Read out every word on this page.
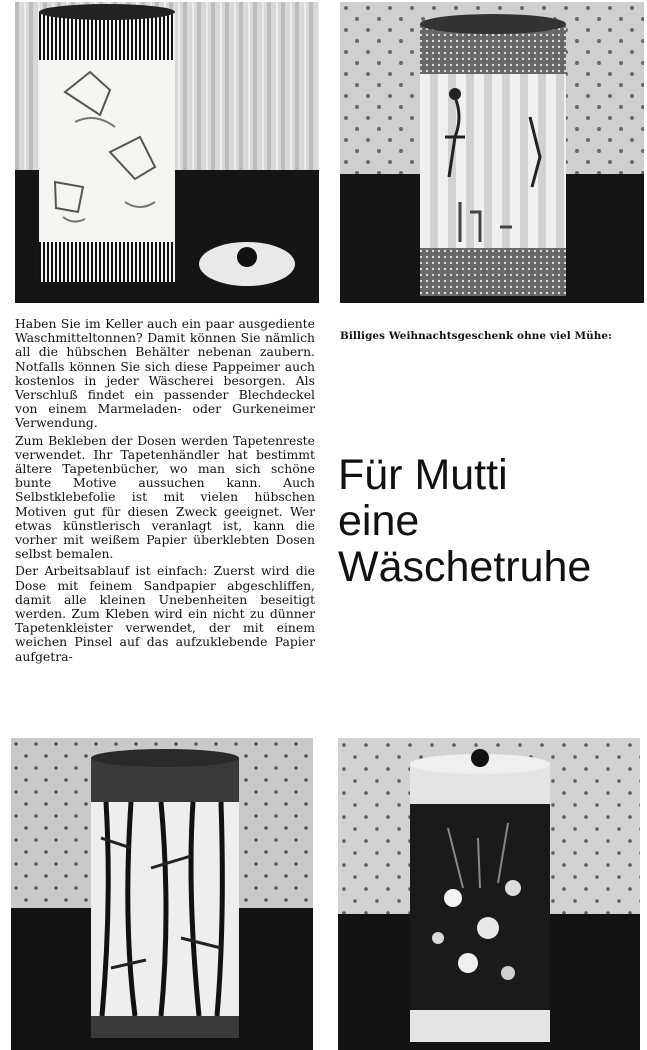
Haben Sie im Keller auch ein paar ausgediente Waschmitteltonnen? Damit können Sie nämlich all die hübschen Behälter nebenan zaubern. Notfalls können Sie sich diese Pappeimer auch kostenlos in jeder Wäscherei besorgen. Als Verschluß findet ein passender Blechdeckel von einem Marmeladen- oder Gurkeneimer Verwendung.

Zum Bekleben der Dosen werden Tapetenreste verwendet. Ihr Tapetenhändler hat bestimmt ältere Tapetenbücher, wo man sich schöne bunte Motive aussuchen kann. Auch Selbstklebefolie ist mit vielen hübschen Motiven gut für diesen Zweck geeignet. Wer etwas künstlerisch veranlagt ist, kann die vorher mit weißem Papier überklebten Dosen selbst bemalen.

Der Arbeitsablauf ist einfach: Zuerst wird die Dose mit feinem Sandpapier abgeschliffen, damit alle kleinen Unebenheiten beseitigt werden. Zum Kleben wird ein nicht zu dünner Tapetenkleister verwendet, der mit einem weichen Pinsel auf das aufzuklebende Papier aufgetra-

Billiges Weihnachtsgeschenk ohne viel Mühe:
Für Mutti
eine
Wäschetruhe
